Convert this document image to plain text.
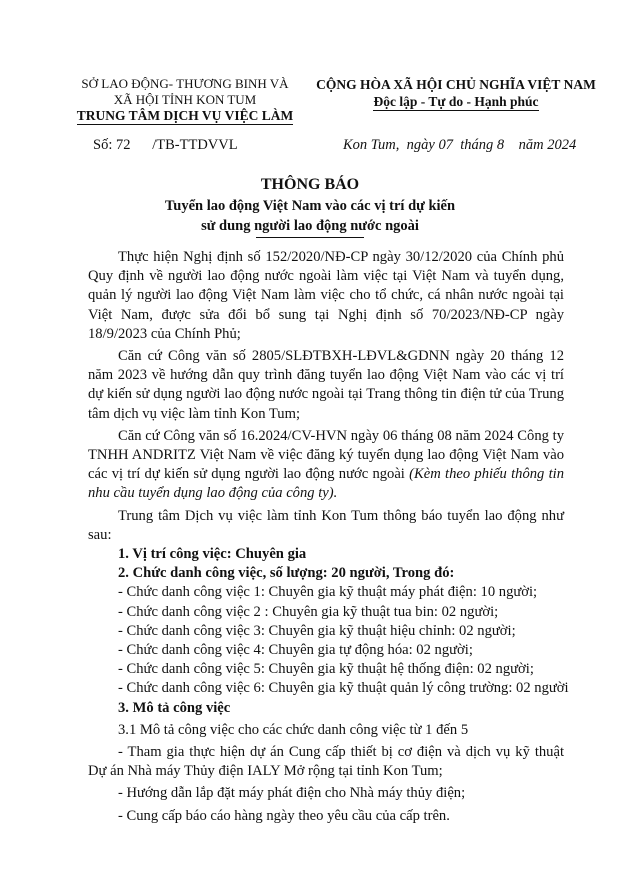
SỞ LAO ĐỘNG- THƯƠNG BINH VÀ
XÃ HỘI TỈNH KON TUM
TRUNG TÂM DỊCH VỤ VIỆC LÀM
CỘNG HÒA XÃ HỘI CHỦ NGHĨA VIỆT NAM
Độc lập - Tự do - Hạnh phúc
Số: 72      /TB-TTDVVL	Kon Tum,  ngày 07  tháng 8    năm 2024
THÔNG BÁO
Tuyển lao động Việt Nam vào các vị trí dự kiến
sử dung người lao động nước ngoài

Thực hiện Nghị định số 152/2020/NĐ-CP ngày 30/12/2020 của Chính phủ Quy định về người lao động nước ngoài làm việc tại Việt Nam và tuyển dụng, quản lý người lao động Việt Nam làm việc cho tổ chức, cá nhân nước ngoài tại Việt Nam, được sửa đổi bổ sung tại Nghị định số 70/2023/NĐ-CP ngày 18/9/2023 của Chính Phủ;

Căn cứ Công văn số 2805/SLĐTBXH-LĐVL&GDNN ngày 20 tháng 12 năm 2023 về hướng dẫn quy trình đăng tuyển lao động Việt Nam vào các vị trí dự kiến sử dụng người lao động nước ngoài tại Trang thông tin điện tử của Trung tâm dịch vụ việc làm tỉnh Kon Tum;

Căn cứ Công văn số 16.2024/CV-HVN ngày 06 tháng 08 năm 2024 Công ty TNHH ANDRITZ Việt Nam về việc đăng ký tuyển dụng lao động Việt Nam vào các vị trí dự kiến sử dụng người lao động nước ngoài (Kèm theo phiếu thông tin nhu cầu tuyển dụng lao động của công ty).

Trung tâm Dịch vụ việc làm tỉnh Kon Tum thông báo tuyển lao động như sau:

1. Vị trí công việc: Chuyên gia

2. Chức danh công việc, số lượng: 20 người, Trong đó:

- Chức danh công việc 1: Chuyên gia kỹ thuật máy phát điện: 10 người;

- Chức danh công việc 2 : Chuyên gia kỹ thuật tua bin: 02 người;

- Chức danh công việc 3: Chuyên gia kỹ thuật hiệu chỉnh: 02 người;

- Chức danh công việc 4: Chuyên gia tự động hóa: 02 người;

- Chức danh công việc 5: Chuyên gia kỹ thuật hệ thống điện: 02 người;

- Chức danh công việc 6: Chuyên gia kỹ thuật quản lý công trường: 02 người

3. Mô tả công việc

3.1 Mô tả công việc cho các chức danh công việc từ 1 đến 5

- Tham gia thực hiện dự án Cung cấp thiết bị cơ điện và dịch vụ kỹ thuật Dự án Nhà máy Thủy điện IALY Mở rộng tại tỉnh Kon Tum;

- Hướng dẫn lắp đặt máy phát điện cho Nhà máy thủy điện;

- Cung cấp báo cáo hàng ngày theo yêu cầu của cấp trên.
